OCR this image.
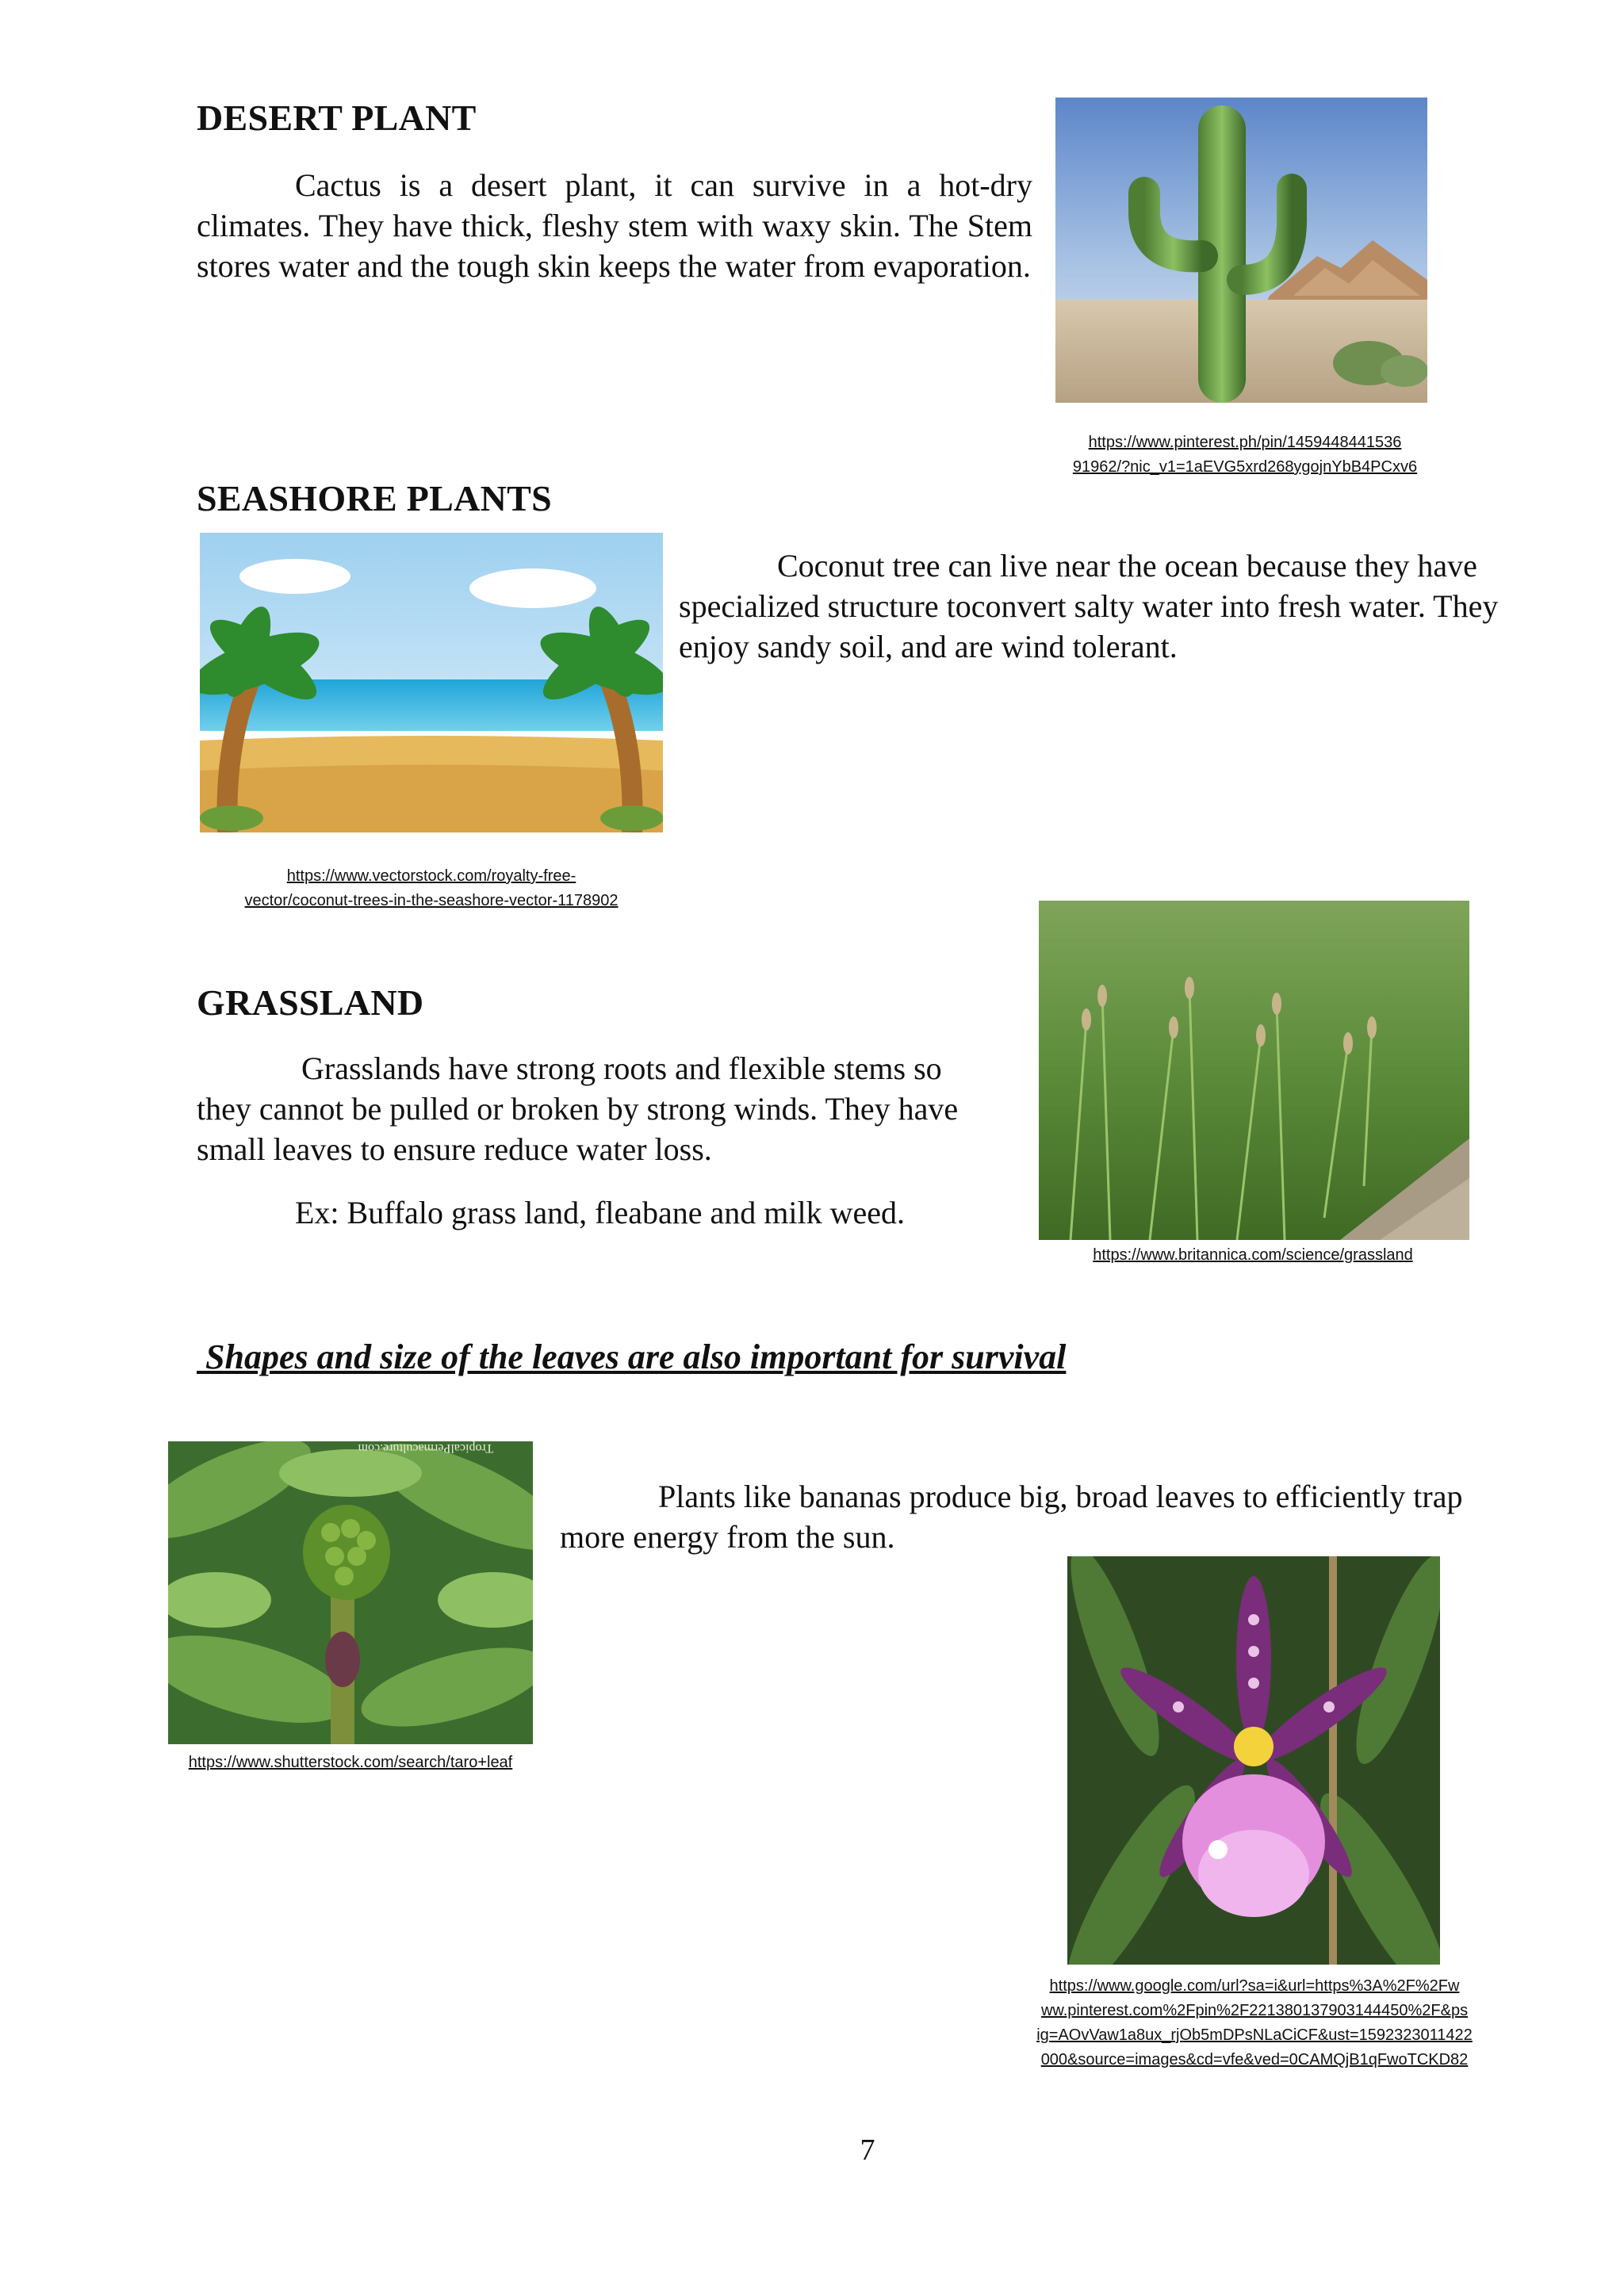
DESERT PLANT
Cactus is a desert plant, it can survive in a hot-dry climates. They have thick, fleshy stem with waxy skin. The Stem stores water and the tough skin keeps the water from evaporation.
https://www.pinterest.ph/pin/1459448441536
91962/?nic_v1=1aEVG5xrd268ygojnYbB4PCxv6
SEASHORE PLANTS
Coconut tree can live near the ocean because they have specialized structure toconvert salty water into fresh water. They enjoy sandy soil, and are wind tolerant.
https://www.vectorstock.com/royalty-free-
vector/coconut-trees-in-the-seashore-vector-1178902
GRASSLAND
Grasslands have strong roots and flexible stems so they cannot be pulled or broken by strong winds. They have small leaves to ensure reduce water loss.
Ex: Buffalo grass land, fleabane and milk weed.
https://www.britannica.com/science/grassland
Shapes and size of the leaves are also important for survival
TropicalPermaculture.com
Plants like bananas produce big, broad leaves to efficiently trap more energy from the sun.
https://www.shutterstock.com/search/taro+leaf
https://www.google.com/url?sa=i&url=https%3A%2F%2Fw
ww.pinterest.com%2Fpin%2F221380137903144450%2F&ps
ig=AOvVaw1a8ux_rjOb5mDPsNLaCiCF&ust=1592323011422
000&source=images&cd=vfe&ved=0CAMQjB1qFwoTCKD82
7
